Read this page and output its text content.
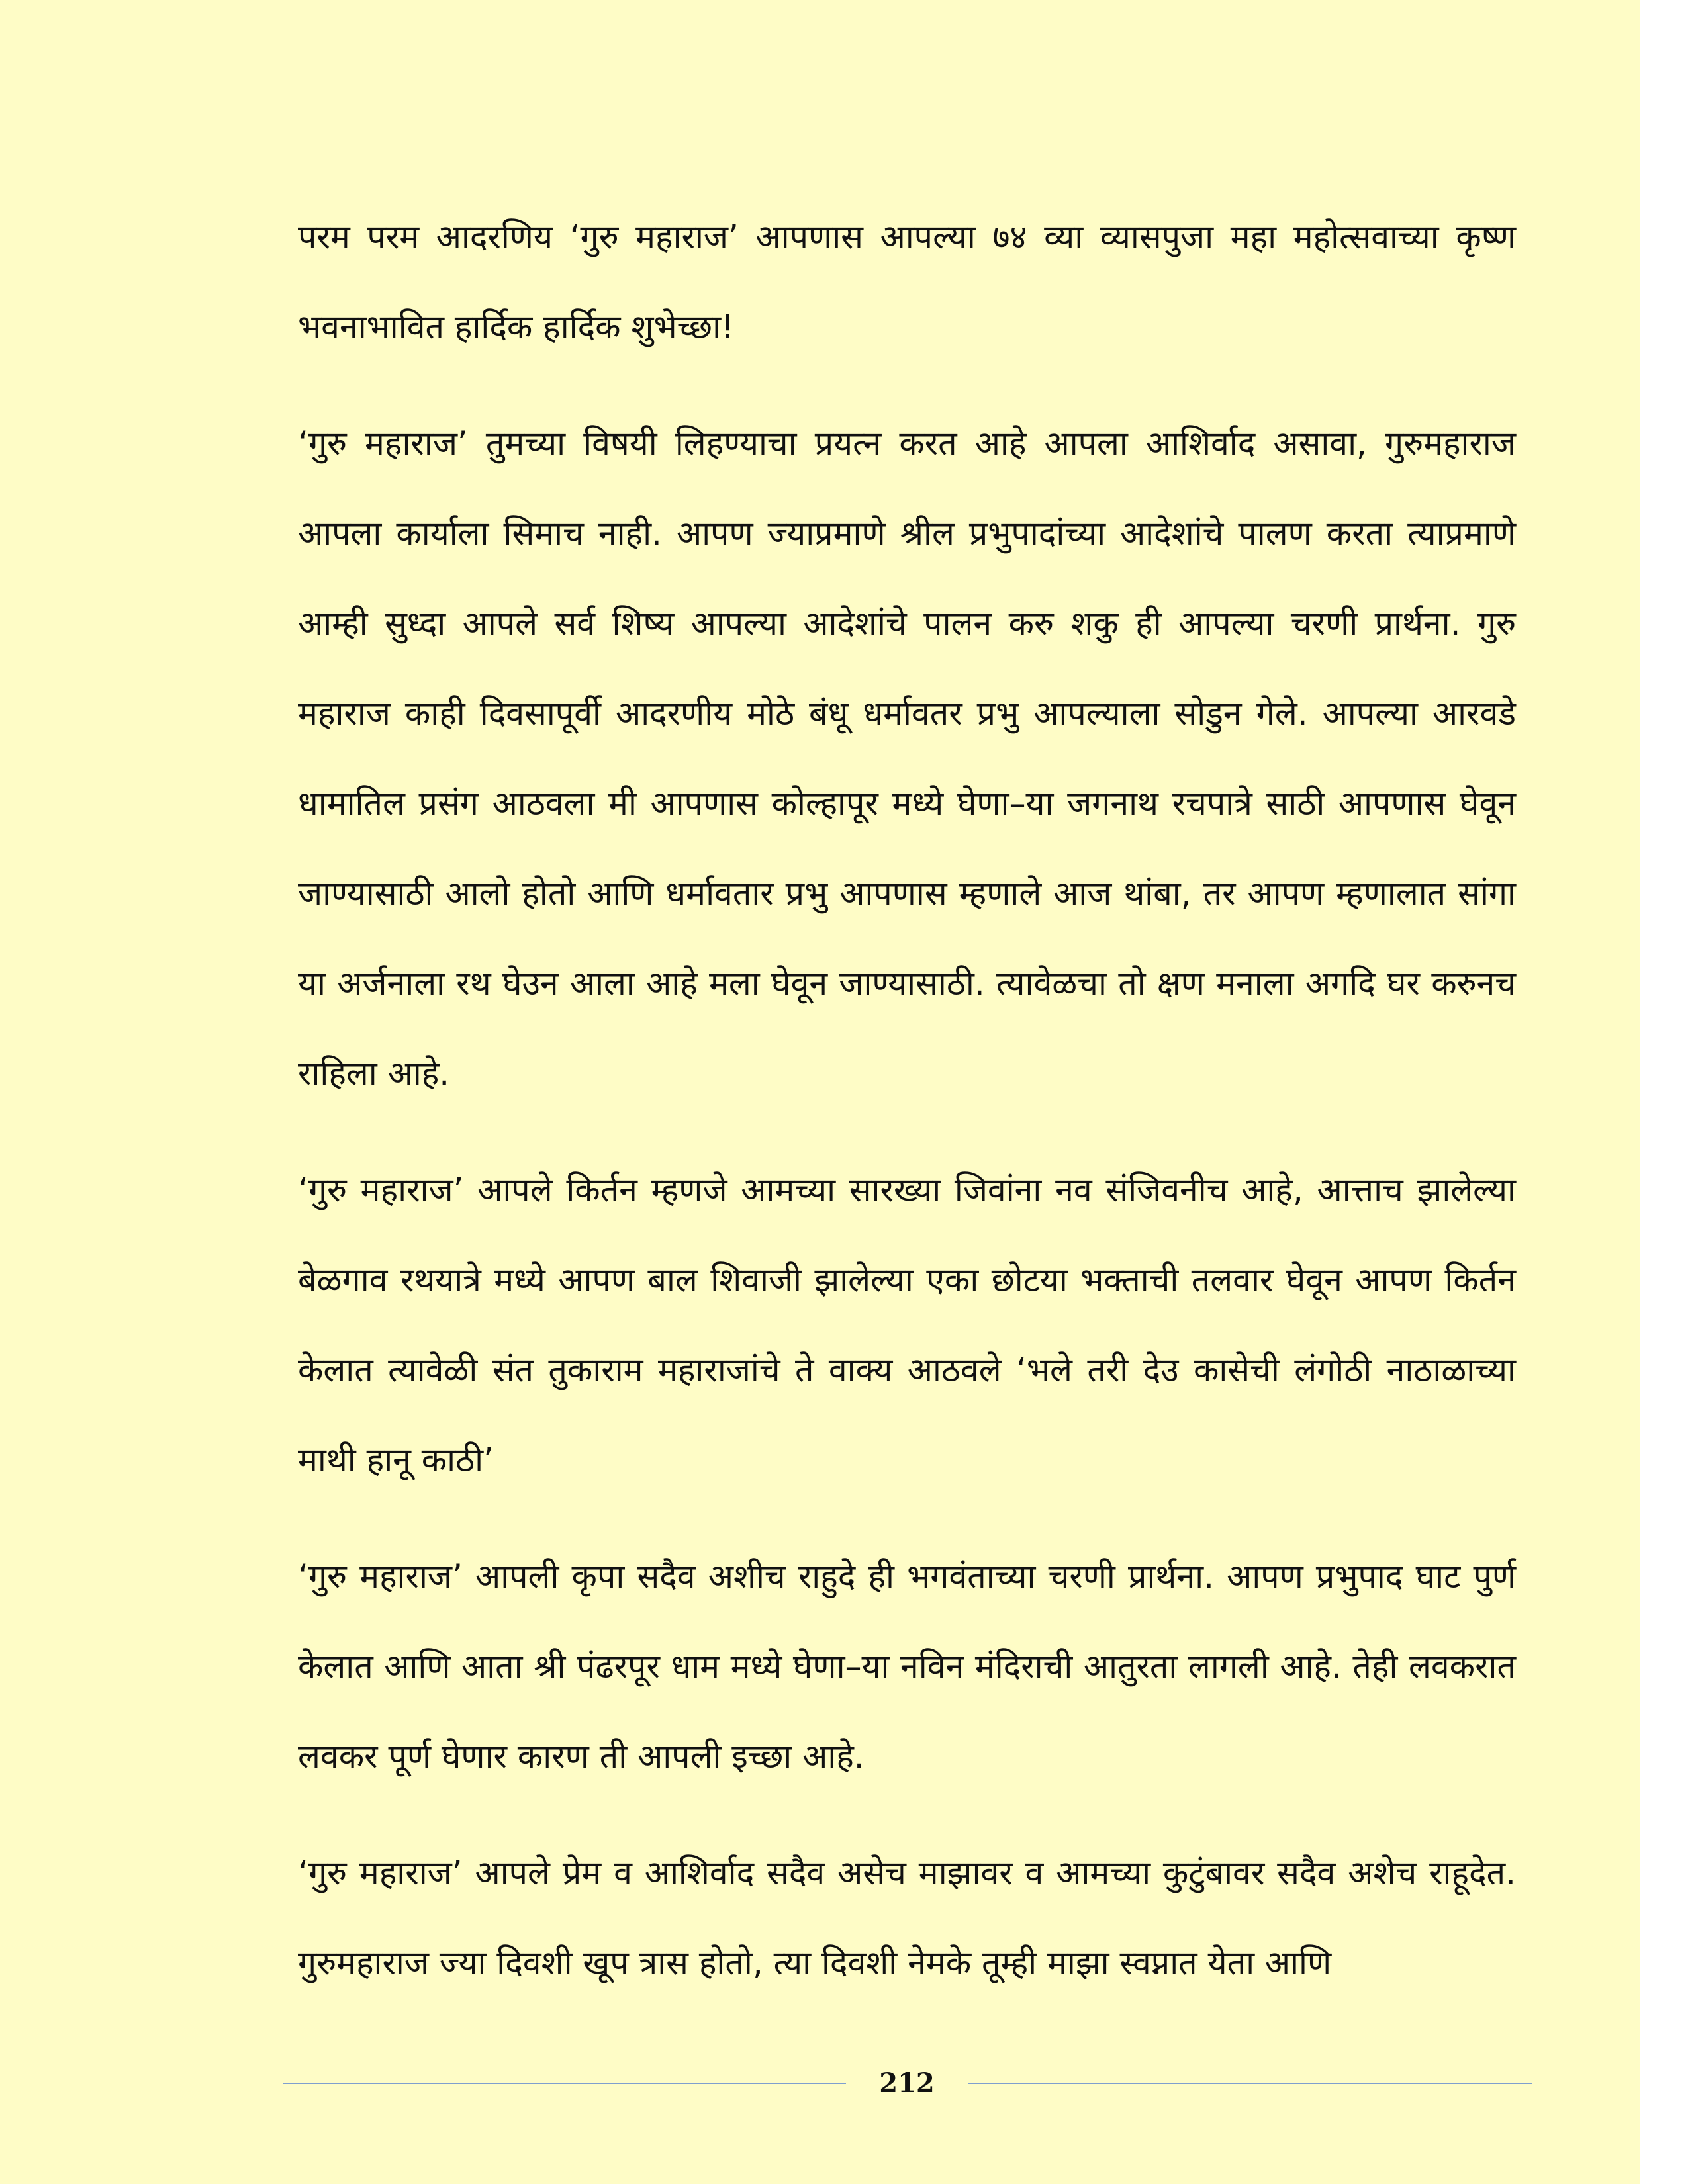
परम परम आदरणिय ‘गुरु महाराज’ आपणास आपल्या ७४ व्या व्यासपुजा महा महोत्सवाच्या कृष्ण भवनाभावित हार्दिक हार्दिक शुभेच्छा!

‘गुरु महाराज’ तुमच्या विषयी लिहण्याचा प्रयत्न करत आहे आपला आशिर्वाद असावा, गुरुमहाराज आपला कार्याला सिमाच नाही. आपण ज्याप्रमाणे श्रील प्रभुपादांच्या आदेशांचे पालण करता त्याप्रमाणे आम्ही सुध्दा आपले सर्व शिष्य आपल्या आदेशांचे पालन करु शकु ही आपल्या चरणी प्रार्थना. गुरु महाराज काही दिवसापूर्वी आदरणीय मोठे बंधू धर्मावतर प्रभु आपल्याला सोडुन गेले. आपल्या आरवडे धामातिल प्रसंग आठवला मी आपणास कोल्हापूर मध्ये घेणा–या जगनाथ रचपात्रे साठी आपणास घेवून जाण्यासाठी आलो होतो आणि धर्मावतार प्रभु आपणास म्हणाले आज थांबा, तर आपण म्हणालात सांगा या अर्जनाला रथ घेउन आला आहे मला घेवून जाण्यासाठी. त्यावेळचा तो क्षण मनाला अगदि घर करुनच राहिला आहे.

‘गुरु महाराज’ आपले किर्तन म्हणजे आमच्या सारख्या जिवांना नव संजिवनीच आहे, आत्ताच झालेल्या बेळगाव रथयात्रे मध्ये आपण बाल शिवाजी झालेल्या एका छोटया भक्ताची तलवार घेवून आपण किर्तन केलात त्यावेळी संत तुकाराम महाराजांचे ते वाक्य आठवले ‘भले तरी देउ कासेची लंगोठी नाठाळाच्या माथी हानू काठी’

‘गुरु महाराज’ आपली कृपा सदैव अशीच राहुदे ही भगवंताच्या चरणी प्रार्थना. आपण प्रभुपाद घाट पुर्ण केलात आणि आता श्री पंढरपूर धाम मध्ये घेणा–या नविन मंदिराची आतुरता लागली आहे. तेही लवकरात लवकर पूर्ण घेणार कारण ती आपली इच्छा आहे.

‘गुरु महाराज’ आपले प्रेम व आशिर्वाद सदैव असेच माझावर व आमच्या कुटुंबावर सदैव अशेच राहूदेत. गुरुमहाराज ज्या दिवशी खूप त्रास होतो, त्या दिवशी नेमके तूम्ही माझा स्वप्नात येता आणि

212
